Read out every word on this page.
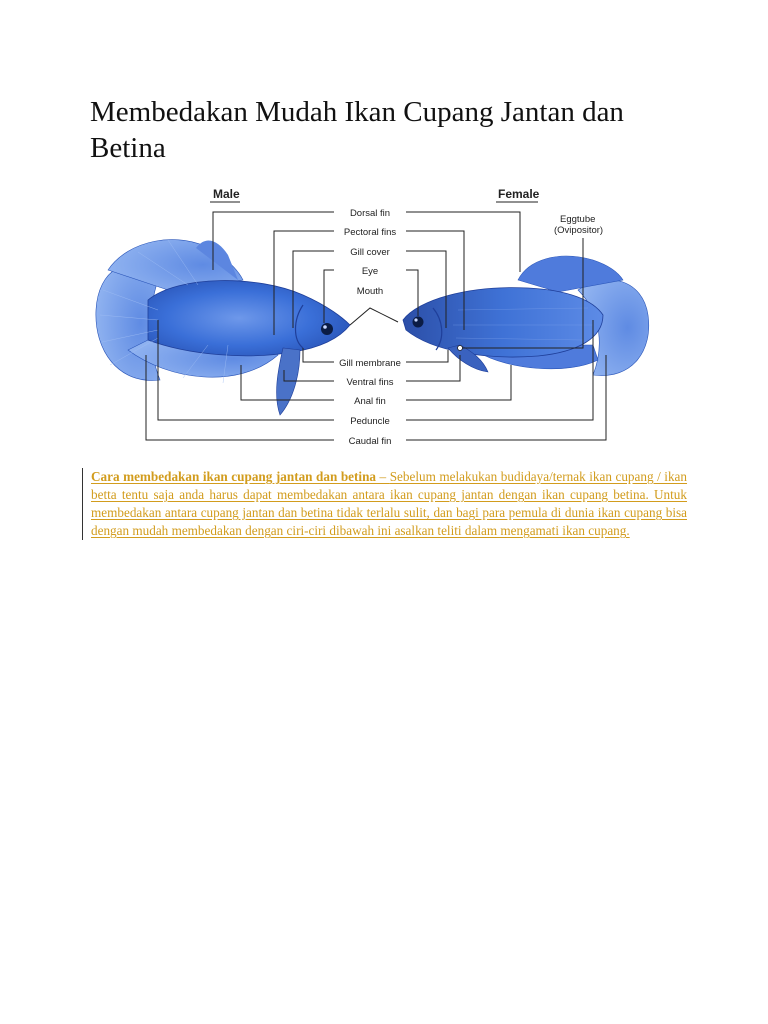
Membedakan Mudah Ikan Cupang Jantan dan Betina
Male	Female
Eggtube
(Ovipositor)
Dorsal fin
Pectoral fins
Gill cover
Eye
Mouth
Gill membrane
Ventral fins
Anal fin
Peduncle
Caudal fin
Cara membedakan ikan cupang jantan dan betina – Sebelum melakukan budidaya/ternak ikan cupang / ikan betta tentu saja anda harus dapat membedakan antara ikan cupang jantan dengan ikan cupang betina. Untuk membedakan antara cupang jantan dan betina tidak terlalu sulit, dan bagi para pemula di dunia ikan cupang bisa dengan mudah membedakan dengan ciri-ciri dibawah ini asalkan teliti dalam mengamati ikan cupang.
